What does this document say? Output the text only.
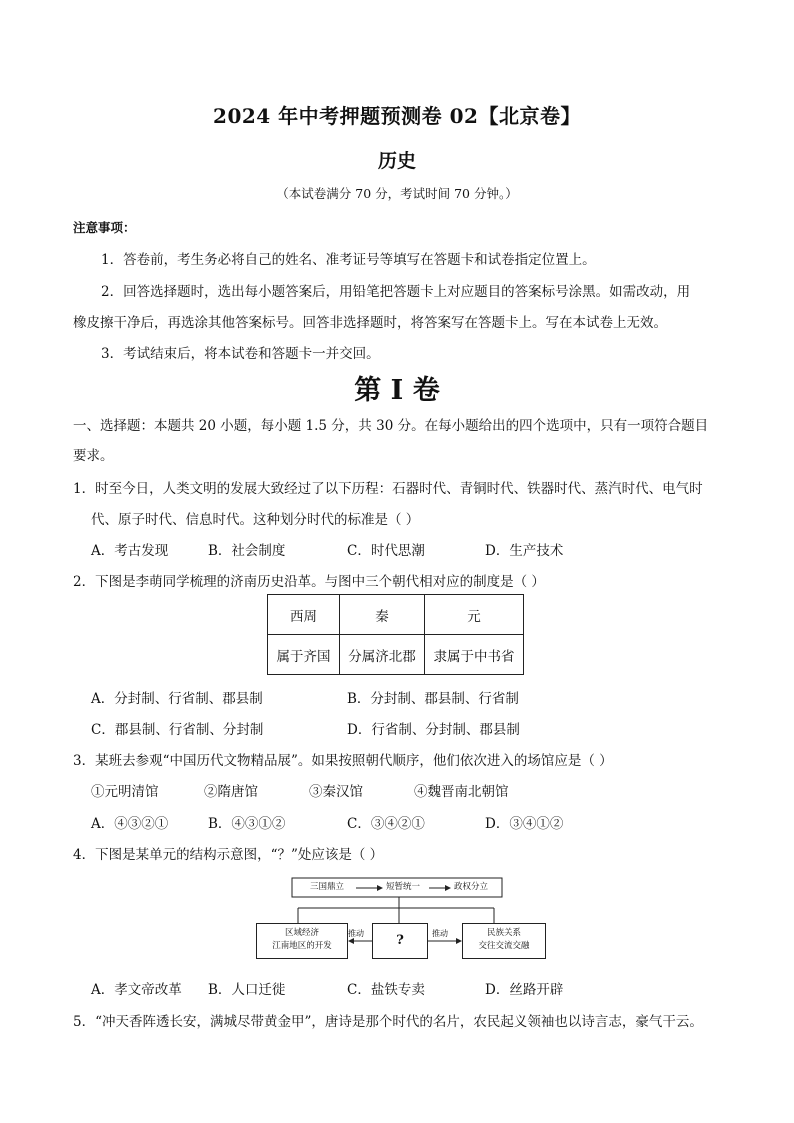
2024 年中考押题预测卷 02【北京卷】
历史
（本试卷满分 70 分，考试时间 70 分钟。）
注意事项：
1．答卷前，考生务必将自己的姓名、准考证号等填写在答题卡和试卷指定位置上。
2．回答选择题时，选出每小题答案后，用铅笔把答题卡上对应题目的答案标号涂黑。如需改动，用
橡皮擦干净后，再选涂其他答案标号。回答非选择题时，将答案写在答题卡上。写在本试卷上无效。
3．考试结束后，将本试卷和答题卡一并交回。
第 I 卷
一、选择题：本题共 20 小题，每小题 1.5 分，共 30 分。在每小题给出的四个选项中，只有一项符合题目
要求。
1．时至今日，人类文明的发展大致经过了以下历程：石器时代、青铜时代、铁器时代、蒸汽时代、电气时
代、原子时代、信息时代。这种划分时代的标准是（ ）
A．考古发现	B．社会制度	C．时代思潮	D．生产技术
2．下图是李萌同学梳理的济南历史沿革。与图中三个朝代相对应的制度是（ ）
西周	秦	元
属于齐国	分属济北郡	隶属于中书省
A．分封制、行省制、郡县制	B．分封制、郡县制、行省制
C．郡县制、行省制、分封制	D．行省制、分封制、郡县制
3．某班去参观“中国历代文物精品展”。如果按照朝代顺序，他们依次进入的场馆应是（ ）
①元明清馆	②隋唐馆	③秦汉馆	④魏晋南北朝馆
A．④③②①	B．④③①②	C．③④②①	D．③④①②
4．下图是某单元的结构示意图，“？”处应该是（ ）
三国鼎立	短暂统一	政权分立
区域经济
江南地区的开发	?	民族关系
交往交流交融
推动	推动
A．孝文帝改革 B．人口迁徙	C．盐铁专卖	D．丝路开辟
5．“冲天香阵透长安，满城尽带黄金甲”，唐诗是那个时代的名片，农民起义领袖也以诗言志，豪气干云。
